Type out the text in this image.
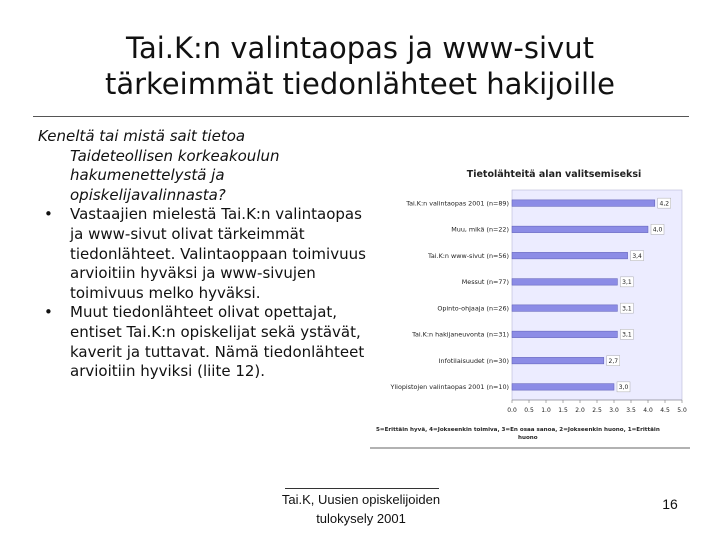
Tai.K:n valintaopas ja www-sivut
tärkeimmät tiedonlähteet hakijoille
Keneltä tai mistä sait tietoa
Taideteollisen korkeakoulun hakumenettelystä ja opiskelijavalinnasta?
• Vastaajien mielestä Tai.K:n valintaopas ja www-sivut olivat tärkeimmät tiedonlähteet. Valintaoppaan toimivuus arvioitiin hyväksi ja www-sivujen toimivuus melko hyväksi.
• Muut tiedonlähteet olivat opettajat, entiset Tai.K:n opiskelijat sekä ystävät, kaverit ja tuttavat. Nämä tiedonlähteet arvioitiin hyviksi (liite 12).
Tietolähteitä alan valitsemiseksi
Tai.K:n valintaopas 2001 (n=89)	4,2
Muu, mikä (n=22)	4,0
Tai.K:n www-sivut (n=56)	3,4
Messut (n=77)	3,1
Opinto-ohjaaja (n=26)	3,1
Tai.K:n hakijaneuvonta (n=31)	3,1
Infotilaisuudet (n=30)	2,7
Yliopistojen valintaopas 2001 (n=10)	3,0
0.0 0.5 1.0 1.5 2.0 2.5 3.0 3.5 4.0 4.5 5.0
5=Erittäin hyvä, 4=Jokseenkin toimiva, 3=En osaa sanoa, 2=Jokseenkin huono, 1=Erittäin
huono
Tai.K, Uusien opiskelijoiden
tulokysely 2001
16
